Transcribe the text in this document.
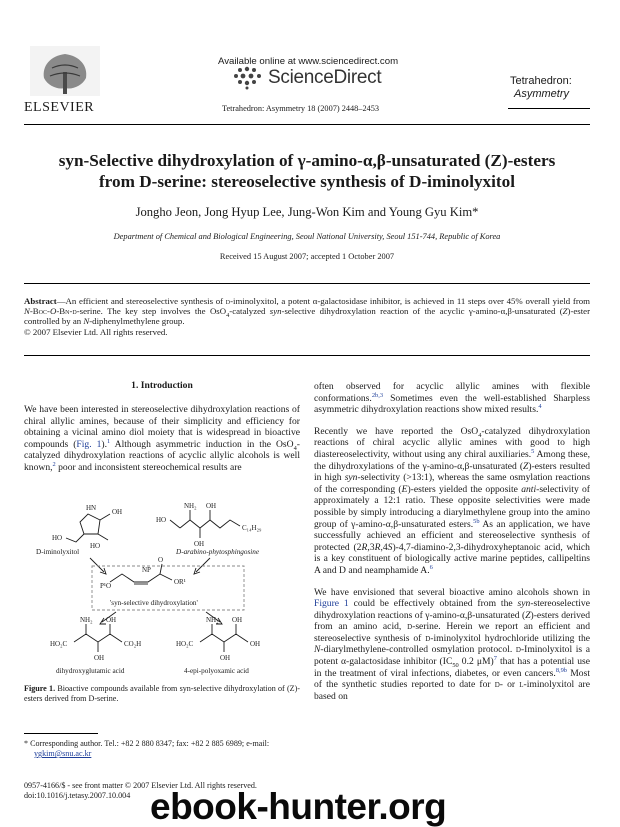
ELSEVIER
Available online at www.sciencedirect.com
ScienceDirect	Tetrahedron:
Asymmetry
Tetrahedron: Asymmetry 18 (2007) 2448–2453
syn-Selective dihydroxylation of γ-amino-α,β-unsaturated (Z)-esters
from D-serine: stereoselective synthesis of D-iminolyxitol
Jongho Jeon, Jong Hyup Lee, Jung-Won Kim and Young Gyu Kim*
Department of Chemical and Biological Engineering, Seoul National University, Seoul 151-744, Republic of Korea
Received 15 August 2007; accepted 1 October 2007
Abstract—An efficient and stereoselective synthesis of d-iminolyxitol, a potent α-galactosidase inhibitor, is achieved in 11 steps over 45% overall yield from N-Boc-O-Bn-d-serine. The key step involves the OsO$_4$-catalyzed syn-selective dihydroxylation reaction of the acyclic γ-amino-α,β-unsaturated (Z)-ester controlled by an N-diphenylmethylene group.
© 2007 Elsevier Ltd. All rights reserved.
1. Introduction
We have been interested in stereoselective dihydroxylation reactions of chiral allylic amines, because of their simplicity and efficiency for obtaining a vicinal amino diol moiety that is widespread in bioactive compounds (Fig. 1).$^1$ Although asymmetric induction in the OsO$_4$-catalyzed dihydroxylation reactions of acyclic allylic alcohols is well known,$^2$ poor and inconsistent stereochemical results are
HN OH
HO
HO
HO
NH₂ OH
OH
C₁₄H₂₉
NP
P¹O
O
OR¹
NH₂ OH
HO₂C	CO₂H
OH
NH₂ OH
HO₂C	OH
OH
D-iminolyxitol	D-arabino-phytosphingosine
'syn-selective dihydroxylation'
dihydroxyglutamic acid	4-epi-polyoxamic acid
Figure 1. Bioactive compounds available from syn-selective dihydroxylation of (Z)-esters derived from D-serine.
* Corresponding author. Tel.: +82 2 880 8347; fax: +82 2 885 6989; e-mail:
ygkim@snu.ac.kr
0957-4166/$ - see front matter © 2007 Elsevier Ltd. All rights reserved.
doi:10.1016/j.tetasy.2007.10.004

often observed for acyclic allylic amines with flexible conformations.$^{2b,3}$ Sometimes even the well-established Sharpless asymmetric dihydroxylation reactions show mixed results.$^4$

Recently we have reported the OsO$_4$-catalyzed dihydroxylation reactions of chiral acyclic allylic amines with good to high diastereoselectivity, without using any chiral auxiliaries.$^5$ Among these, the dihydroxylations of the γ-amino-α,β-unsaturated (Z)-esters resulted in high syn-selectivity (>13:1), whereas the same osmylation reactions of the corresponding (E)-esters yielded the opposite anti-selectivity of approximately a 12:1 ratio. These opposite selectivities were made possible by simply introducing a diarylmethylene group into the amino group of γ-amino-α,β-unsaturated esters.$^{5b}$ As an application, we have successfully achieved an efficient and stereoselective synthesis of protected (2R,3R,4S)-4,7-diamino-2,3-dihydroxyheptanoic acid, which is a key constituent of biologically active marine peptides, callipeltins A and D and neamphamide A.$^6$

We have envisioned that several bioactive amino alcohols shown in Figure 1 could be effectively obtained from the syn-stereoselective dihydroxylation reactions of γ-amino-α,β-unsaturated (Z)-esters derived from an amino acid, d-serine. Herein we report an efficient and stereoselective synthesis of d-iminolyxitol hydrochloride utilizing the N-diarylmethylene-controlled osmylation protocol. d-Iminolyxitol is a potent α-galactosidase inhibitor ($IC_{50}$ 0.2 μM)$^7$ that has a potential use in the treatment of viral infections, diabetes, or even cancers.$^{8,9b}$ Most of the synthetic studies reported to date for d- or l-iminolyxitol are based on

ebook-hunter.org
